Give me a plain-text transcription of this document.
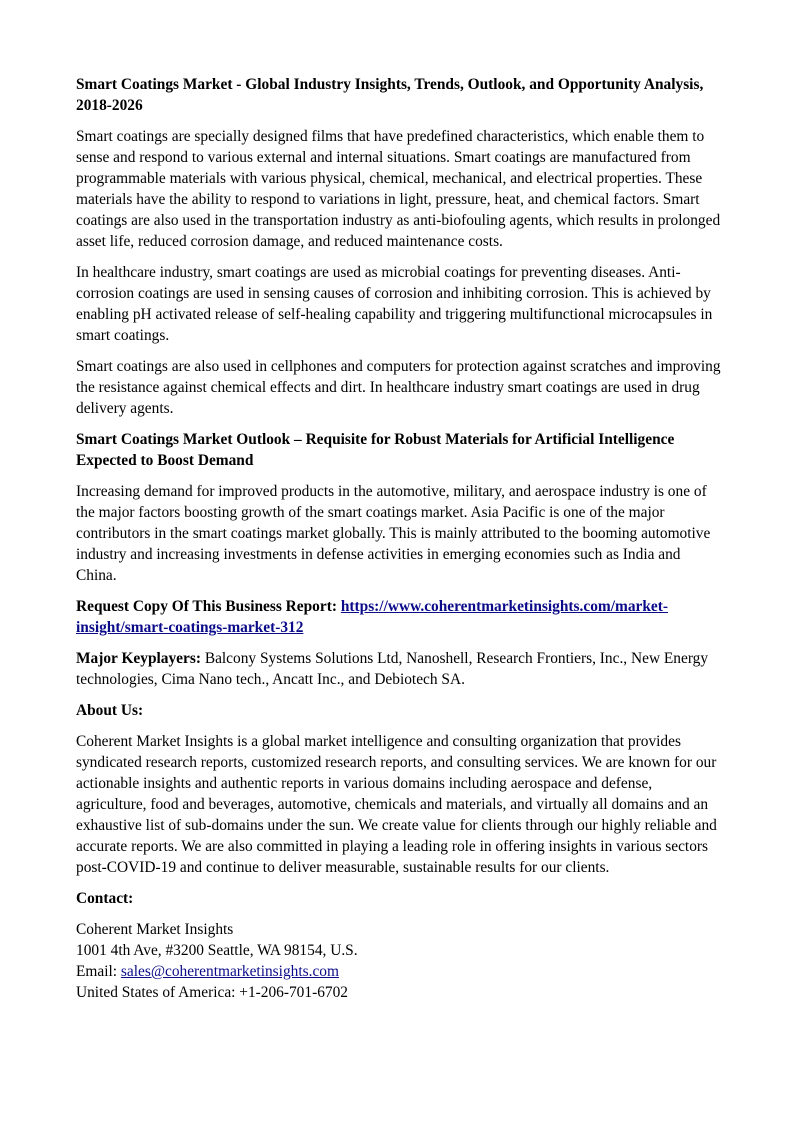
Smart Coatings Market - Global Industry Insights, Trends, Outlook, and Opportunity Analysis, 2018-2026

Smart coatings are specially designed films that have predefined characteristics, which enable them to sense and respond to various external and internal situations. Smart coatings are manufactured from programmable materials with various physical, chemical, mechanical, and electrical properties. These materials have the ability to respond to variations in light, pressure, heat, and chemical factors. Smart coatings are also used in the transportation industry as anti-biofouling agents, which results in prolonged asset life, reduced corrosion damage, and reduced maintenance costs.

In healthcare industry, smart coatings are used as microbial coatings for preventing diseases. Anti-corrosion coatings are used in sensing causes of corrosion and inhibiting corrosion. This is achieved by enabling pH activated release of self-healing capability and triggering multifunctional microcapsules in smart coatings.

Smart coatings are also used in cellphones and computers for protection against scratches and improving the resistance against chemical effects and dirt. In healthcare industry smart coatings are used in drug delivery agents.

Smart Coatings Market Outlook – Requisite for Robust Materials for Artificial Intelligence Expected to Boost Demand

Increasing demand for improved products in the automotive, military, and aerospace industry is one of the major factors boosting growth of the smart coatings market. Asia Pacific is one of the major contributors in the smart coatings market globally. This is mainly attributed to the booming automotive industry and increasing investments in defense activities in emerging economies such as India and China.

Request Copy Of This Business Report: https://www.coherentmarketinsights.com/market-insight/smart-coatings-market-312

Major Keyplayers: Balcony Systems Solutions Ltd, Nanoshell, Research Frontiers, Inc., New Energy technologies, Cima Nano tech., Ancatt Inc., and Debiotech SA.

About Us:

Coherent Market Insights is a global market intelligence and consulting organization that provides syndicated research reports, customized research reports, and consulting services. We are known for our actionable insights and authentic reports in various domains including aerospace and defense, agriculture, food and beverages, automotive, chemicals and materials, and virtually all domains and an exhaustive list of sub-domains under the sun. We create value for clients through our highly reliable and accurate reports. We are also committed in playing a leading role in offering insights in various sectors post-COVID-19 and continue to deliver measurable, sustainable results for our clients.

Contact:

Coherent Market Insights
1001 4th Ave, #3200 Seattle, WA 98154, U.S.
Email: sales@coherentmarketinsights.com
United States of America: +1-206-701-6702
